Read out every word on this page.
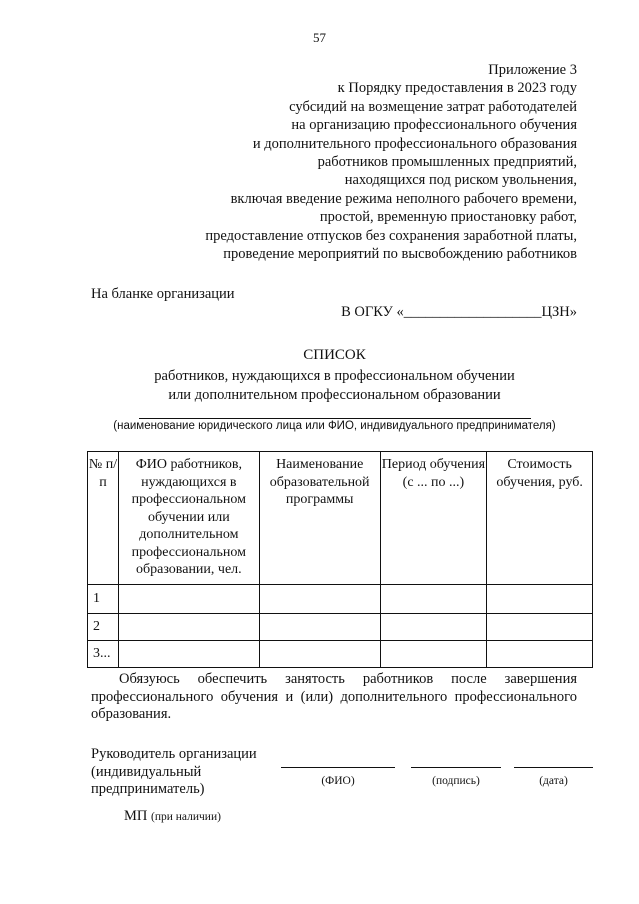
57
Приложение 3
к Порядку предоставления в 2023 году
субсидий на возмещение затрат работодателей
на организацию профессионального обучения
и дополнительного профессионального образования
работников промышленных предприятий,
находящихся под риском увольнения,
включая введение режима неполного рабочего времени,
простой, временную приостановку работ,
предоставление отпусков без сохранения заработной платы,
проведение мероприятий по высвобождению работников
На бланке организации
В ОГКУ «___________________ЦЗН»
СПИСОК
работников, нуждающихся в профессиональном обучении
или дополнительном профессиональном образовании
(наименование юридического лица или ФИО, индивидуального предпринимателя)
№ п/п	ФИО работников, нуждающихся в профессиональном обучении или дополнительном профессиональном образовании, чел.	Наименование образовательной программы	Период обучения (с ... по ...)	Стоимость обучения, руб.
1				
2				
3...				
Обязуюсь обеспечить занятость работников после завершения
профессионального обучения и (или) дополнительного профессионального образования.
Руководитель организации
(индивидуальный
предприниматель)	(ФИО)	(подпись)	(дата)
МП (при наличии)
